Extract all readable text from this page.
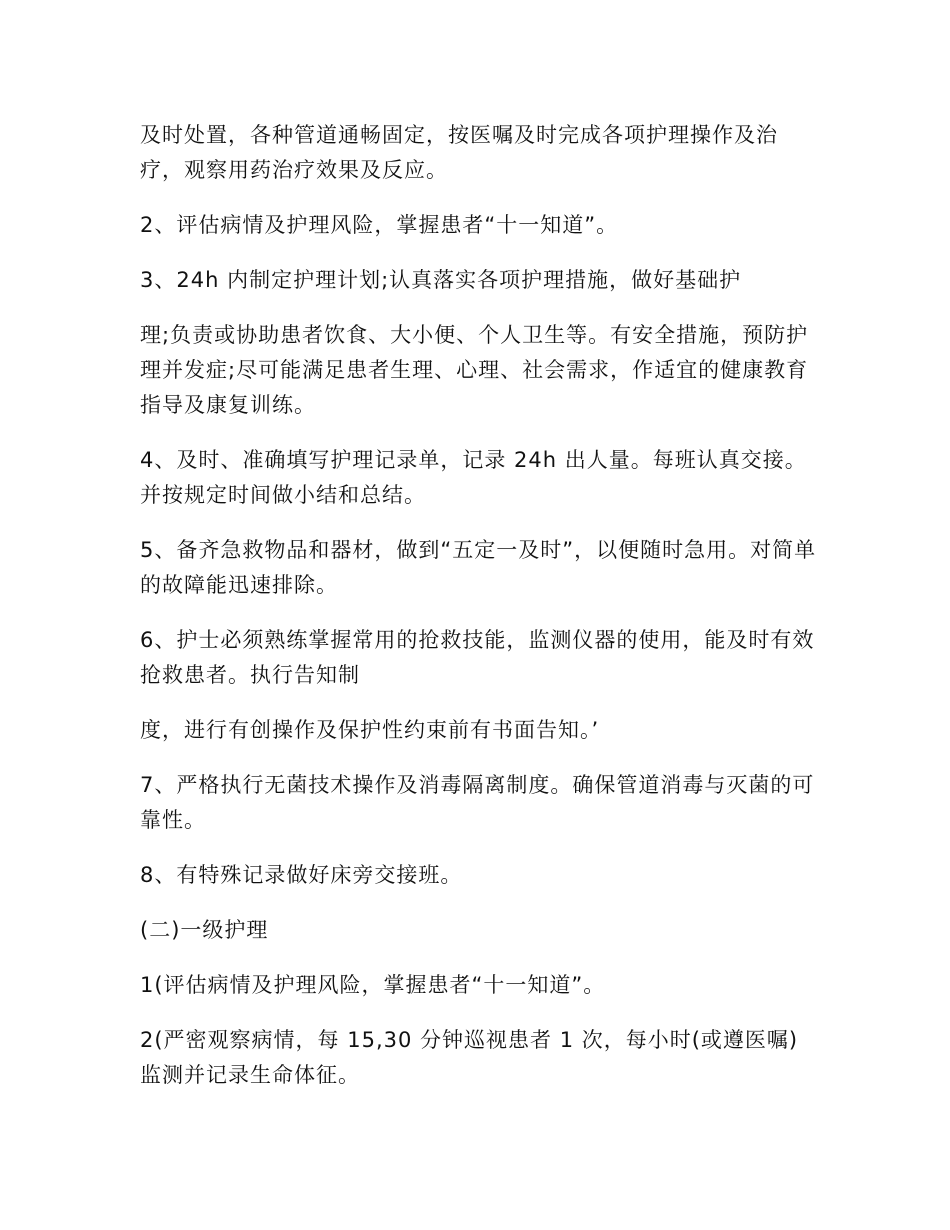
及时处置，各种管道通畅固定，按医嘱及时完成各项护理操作及治疗，观察用药治疗效果及反应。

2、评估病情及护理风险，掌握患者“十一知道”。

3、24h 内制定护理计划;认真落实各项护理措施，做好基础护

理;负责或协助患者饮食、大小便、个人卫生等。有安全措施，预防护理并发症;尽可能满足患者生理、心理、社会需求，作适宜的健康教育指导及康复训练。

4、及时、准确填写护理记录单，记录 24h 出人量。每班认真交接。并按规定时间做小结和总结。

5、备齐急救物品和器材，做到“五定一及时”，以便随时急用。对简单的故障能迅速排除。

6、护士必须熟练掌握常用的抢救技能，监测仪器的使用，能及时有效抢救患者。执行告知制

度，进行有创操作及保护性约束前有书面告知。’

7、严格执行无菌技术操作及消毒隔离制度。确保管道消毒与灭菌的可靠性。

8、有特殊记录做好床旁交接班。

(二)一级护理

1(评估病情及护理风险，掌握患者“十一知道”。

2(严密观察病情，每 15,30 分钟巡视患者 1 次，每小时(或遵医嘱)监测并记录生命体征。
